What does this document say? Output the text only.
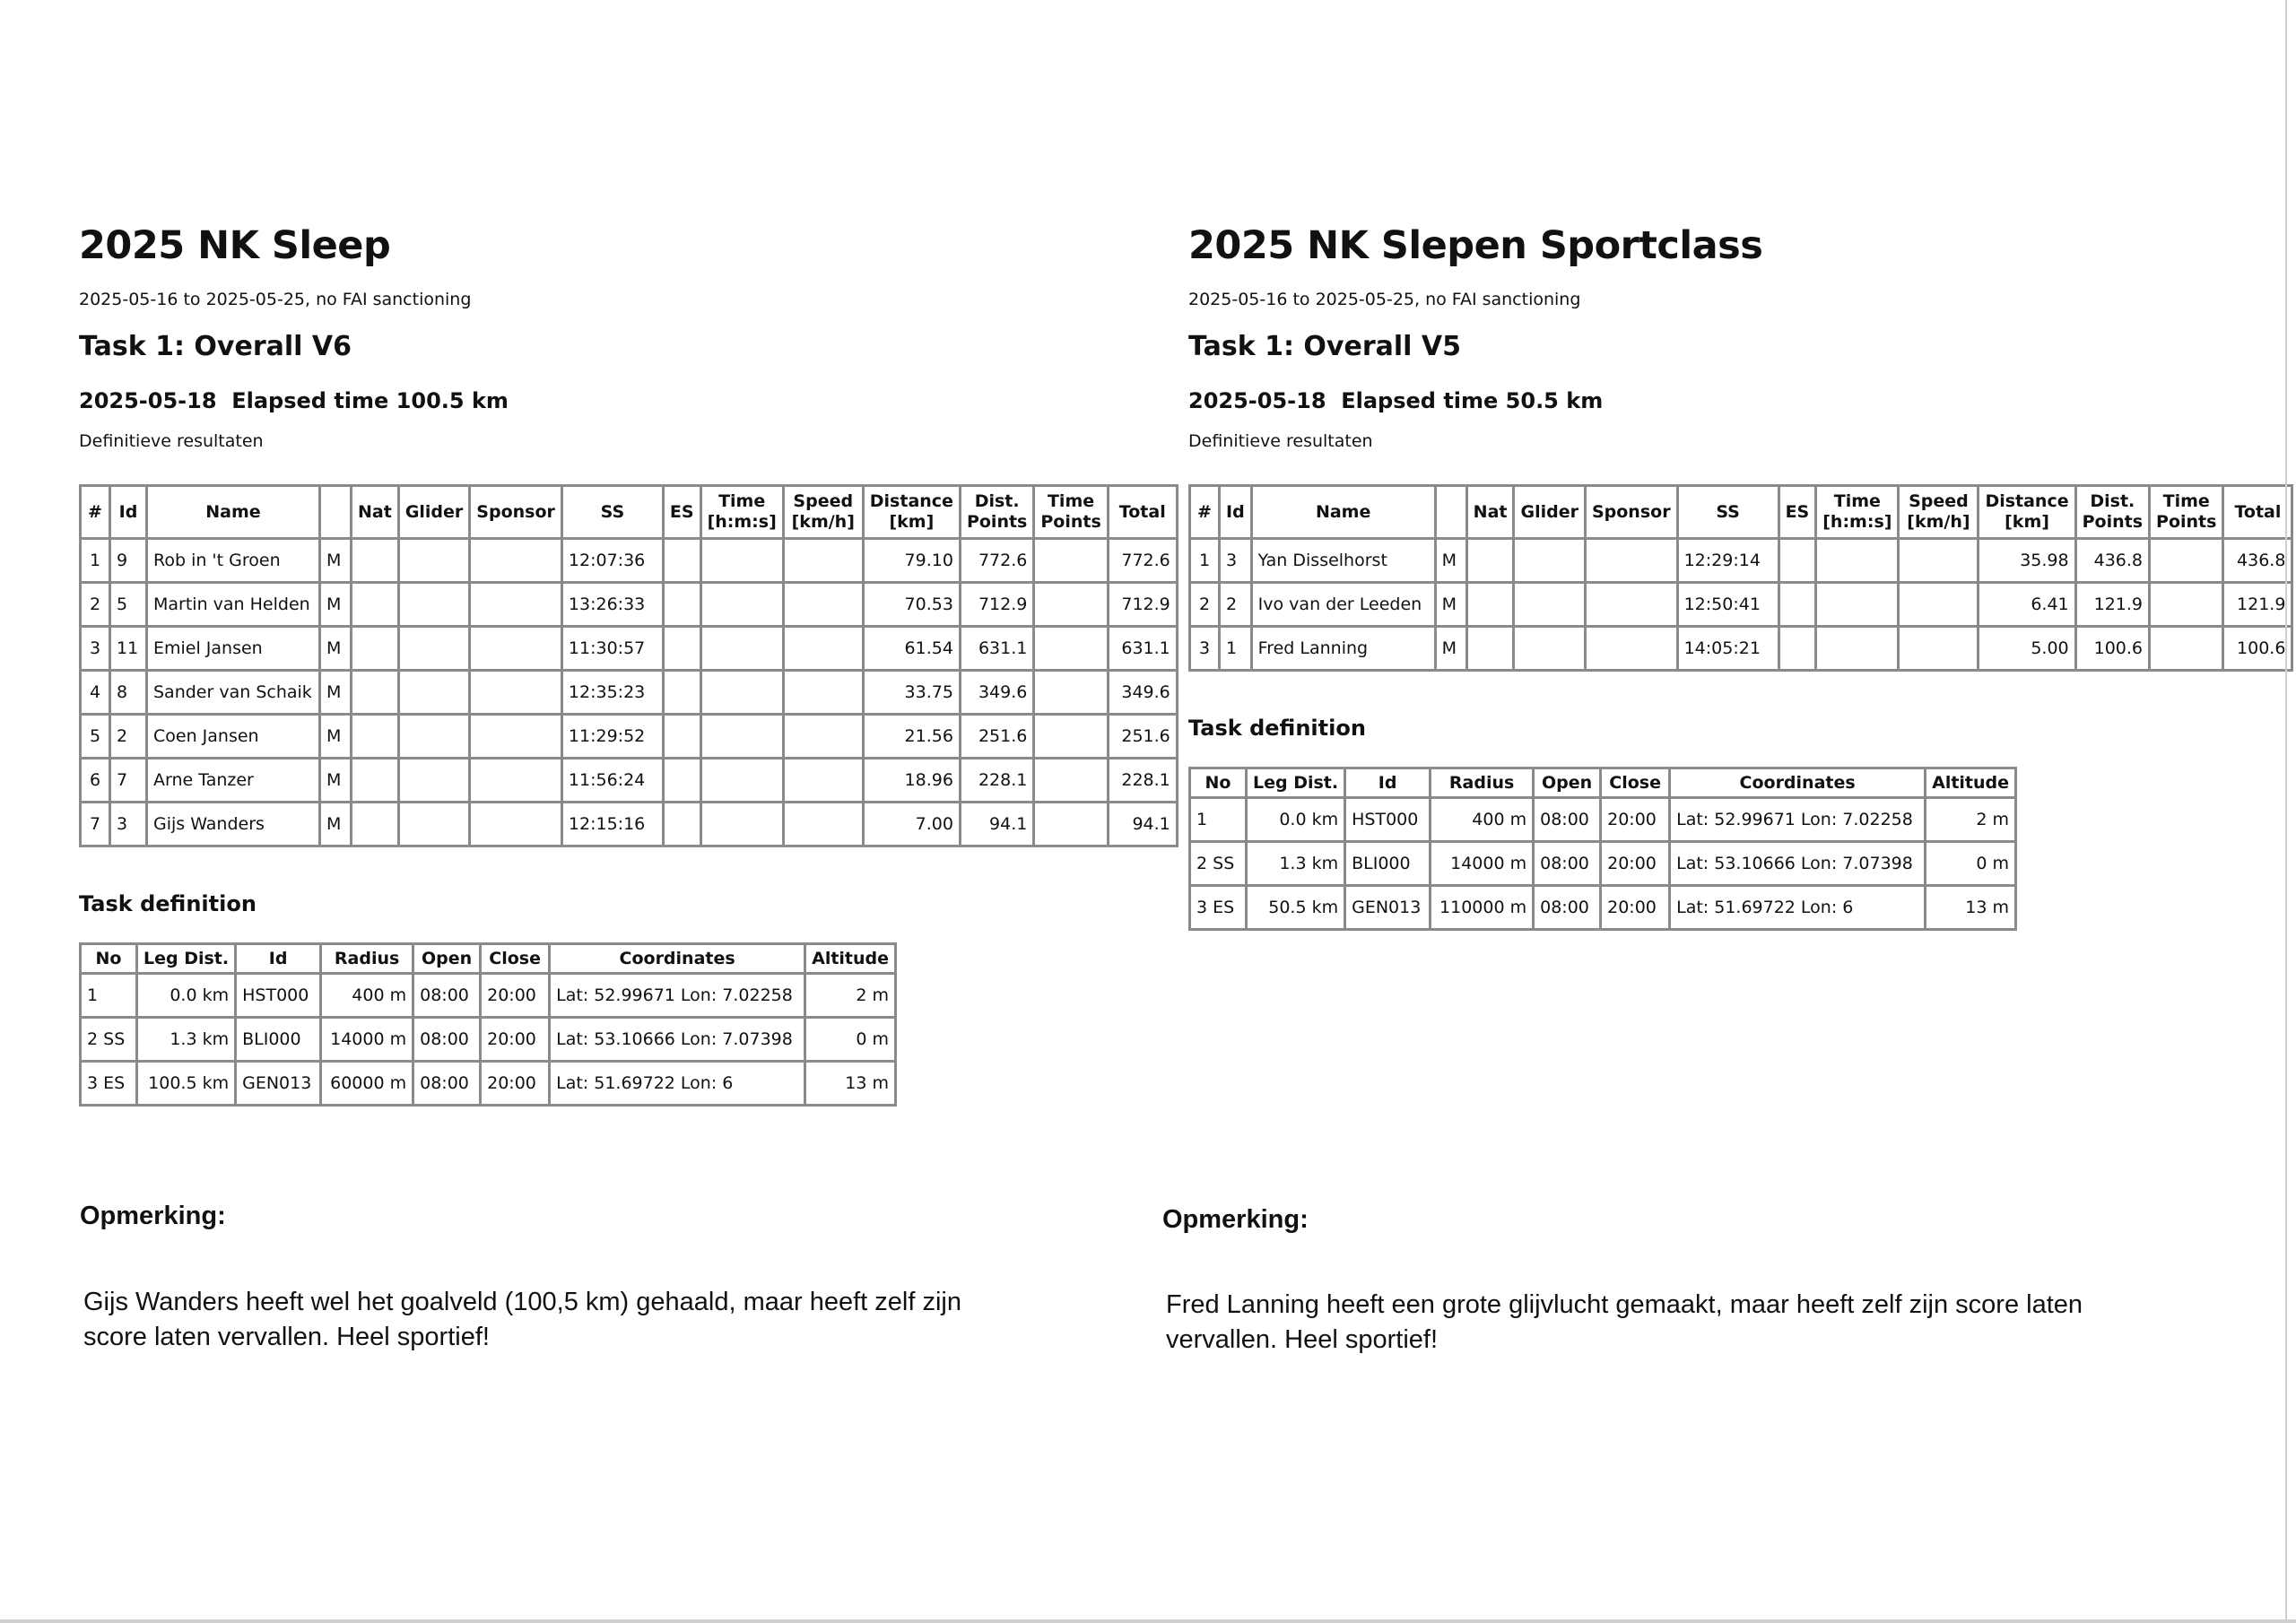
2025 NK Sleep
2025-05-16 to 2025-05-25, no FAI sanctioning
Task 1: Overall V6
2025-05-18 Elapsed time 100.5 km
Definitieve resultaten
#	Id	Name		Nat	Glider	Sponsor	SS	ES	Time [h:m:s]	Speed [km/h]	Distance [km]	Dist. Points	Time Points	Total
1	9	Rob in 't Groen	M				12:07:36				79.10	772.6		772.6
2	5	Martin van Helden	M				13:26:33				70.53	712.9		712.9
3	11	Emiel Jansen	M				11:30:57				61.54	631.1		631.1
4	8	Sander van Schaik	M				12:35:23				33.75	349.6		349.6
5	2	Coen Jansen	M				11:29:52				21.56	251.6		251.6
6	7	Arne Tanzer	M				11:56:24				18.96	228.1		228.1
7	3	Gijs Wanders	M				12:15:16				7.00	94.1		94.1
Task definition
No	Leg Dist.	Id	Radius	Open	Close	Coordinates	Altitude
1	0.0 km	HST000	400 m	08:00	20:00	Lat: 52.99671 Lon: 7.02258	2 m
2 SS	1.3 km	BLI000	14000 m	08:00	20:00	Lat: 53.10666 Lon: 7.07398	0 m
3 ES	100.5 km	GEN013	60000 m	08:00	20:00	Lat: 51.69722 Lon: 6	13 m
2025 NK Slepen Sportclass
2025-05-16 to 2025-05-25, no FAI sanctioning
Task 1: Overall V5
2025-05-18 Elapsed time 50.5 km
Definitieve resultaten
#	Id	Name		Nat	Glider	Sponsor	SS	ES	Time [h:m:s]	Speed [km/h]	Distance [km]	Dist. Points	Time Points	Total
1	3	Yan Disselhorst	M				12:29:14				35.98	436.8		436.8
2	2	Ivo van der Leeden	M				12:50:41				6.41	121.9		121.9
3	1	Fred Lanning	M				14:05:21				5.00	100.6		100.6
Task definition
No	Leg Dist.	Id	Radius	Open	Close	Coordinates	Altitude
1	0.0 km	HST000	400 m	08:00	20:00	Lat: 52.99671 Lon: 7.02258	2 m
2 SS	1.3 km	BLI000	14000 m	08:00	20:00	Lat: 53.10666 Lon: 7.07398	0 m
3 ES	50.5 km	GEN013	110000 m	08:00	20:00	Lat: 51.69722 Lon: 6	13 m
Opmerking:
Gijs Wanders heeft wel het goalveld (100,5 km) gehaald, maar heeft zelf zijn
score laten vervallen. Heel sportief!
Opmerking:
Fred Lanning heeft een grote glijvlucht gemaakt, maar heeft zelf zijn score laten
vervallen. Heel sportief!
